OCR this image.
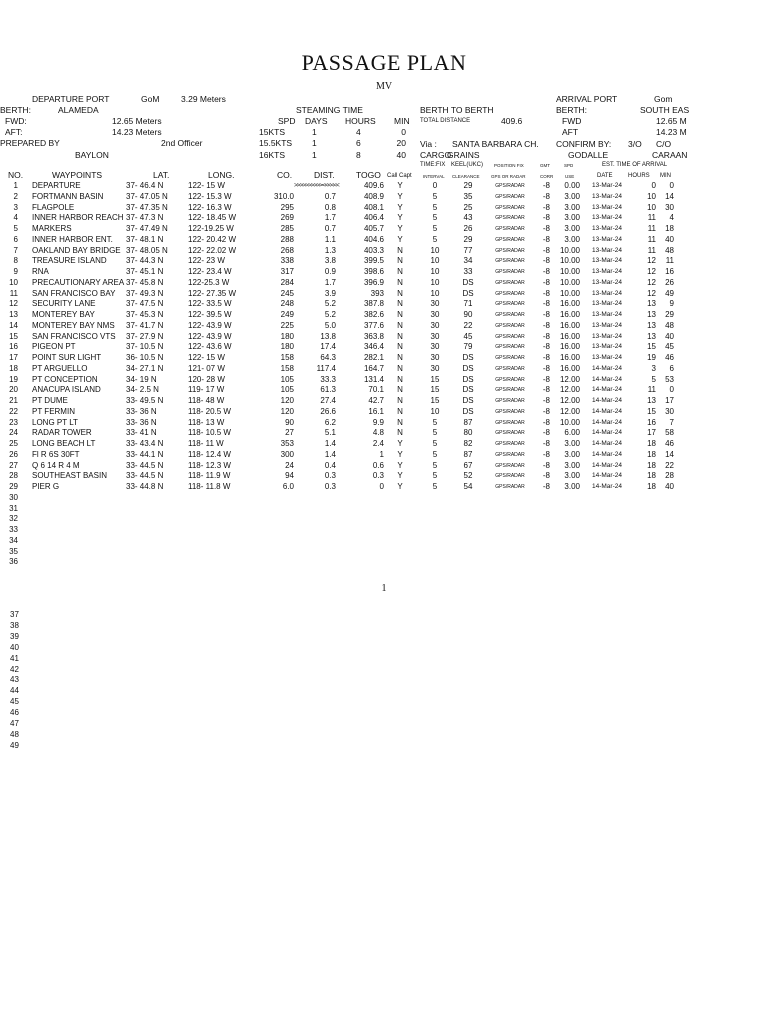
PASSAGE PLAN
MV
DEPARTURE PORT	GoM	3.29 Meters
BERTH:	ALAMEDA
FWD:	12.65 Meters
AFT:	14.23 Meters
PREPARED BY	2nd Officer
BAYLON
STEAMING TIME
SPD DAYS HOURS MIN
15KTS	1	4	0
15.5KTS	1	6	20
16KTS	1	8	40
BERTH TO BERTH
TOTAL DISTANCE	409.6
Via : SANTA BARBARA CH.
CARGO
GRAINS
ARRIVAL PORT	Gom
BERTH:	SOUTH EAS
FWD	12.65 M
AFT	14.23 M
CONFIRM BY: 3/O C/O
GODALLE	CARAAN
TIME:FIX KEEL(UKC) POSITION FIX	GMT	EST. TIME OF ARRIVAL
SPD
NO.	WAYPOINTS	LAT.	LONG.	CO.	DIST. TOGO Call Capt	INTERVAL CLEARANCE	GPS OR RADAR	CORR	USE	DATE	HOURS MIN
1 DEPARTURE	37- 46.4 N	122- 15 W	>>>>>>>>>><<<<<<	409.6	Y	0	29	GPS/RADAR	-8	0.00	13-Mar-24	0	0
2 FORTMANN BASIN	37- 47.05 N	122- 15.3 W	310.0	0.7	408.9	Y	5	35	GPS/RADAR	-8	3.00	13-Mar-24	10	14
3 FLAGPOLE	37- 47.35 N	122- 16.3 W	295	0.8	408.1	Y	5	25	GPS/RADAR	-8	3.00	13-Mar-24	10	30
4 INNER HARBOR REACH 37- 47.3 N	122- 18.45 W	269	1.7	406.4	Y	5	43	GPS/RADAR	-8	3.00	13-Mar-24	11	4
5 MARKERS	37- 47.49 N	122-19.25 W	285	0.7	405.7	Y	5	26	GPS/RADAR	-8	3.00	13-Mar-24	11	18
6 INNER HARBOR ENT.	37- 48.1 N	122- 20.42 W	288	1.1	404.6	Y	5	29	GPS/RADAR	-8	3.00	13-Mar-24	11	40
7 OAKLAND BAY BRIDGE 37- 48.05 N	122- 22.02 W	268	1.3	403.3	N	10	77	GPS/RADAR	-8 10.00	13-Mar-24	11	48
8 TREASURE ISLAND	37- 44.3 N	122- 23 W	338	3.8	399.5	N	10	34	GPS/RADAR	-8 10.00	13-Mar-24	12	11
9 RNA	37- 45.1 N	122- 23.4 W	317	0.9	398.6	N	10	33	GPS/RADAR	-8 10.00	13-Mar-24	12	16
10 PRECAUTIONARY AREA 37- 45.8 N	122-25.3 W	284	1.7	396.9	N	10	DS	GPS/RADAR	-8 10.00	13-Mar-24	12	26
11 SAN FRANCISCO BAY	37- 49.3 N	122- 27.35 W	245	3.9	393	N	10	DS	GPS/RADAR	-8 10.00	13-Mar-24	12	49
12 SECURITY LANE	37- 47.5 N	122- 33.5 W	248	5.2	387.8	N	30	71	GPS/RADAR	-8 16.00	13-Mar-24	13	9
13 MONTEREY BAY	37- 45.3 N	122- 39.5 W	249	5.2	382.6	N	30	90	GPS/RADAR	-8 16.00	13-Mar-24	13	29
14 MONTEREY BAY NMS	37- 41.7 N	122- 43.9 W	225	5.0	377.6	N	30	22	GPS/RADAR	-8 16.00	13-Mar-24	13	48
15 SAN FRANCISCO VTS	37- 27.9 N	122- 43.9 W	180	13.8	363.8	N	30	45	GPS/RADAR	-8 16.00	13-Mar-24	13	40
16 PIGEON PT	37- 10.5 N	122- 43.6 W	180	17.4	346.4	N	30	79	GPS/RADAR	-8 16.00	13-Mar-24	15	45
17 POINT SUR LIGHT	36- 10.5 N	122- 15 W	158	64.3	282.1	N	30	DS	GPS/RADAR	-8 16.00	13-Mar-24	19	46
18 PT ARGUELLO	34- 27.1 N	121- 07 W	158	117.4	164.7	N	30	DS	GPS/RADAR	-8 16.00	14-Mar-24	3	6
19 PT CONCEPTION	34- 19 N	120- 28 W	105	33.3	131.4	N	15	DS	GPS/RADAR	-8 12.00	14-Mar-24	5	53
20 ANACUPA ISLAND	34- 2.5 N	119- 17 W	105	61.3	70.1	N	15	DS	GPS/RADAR	-8 12.00	14-Mar-24	11	0
21 PT DUME	33- 49.5 N	118- 48 W	120	27.4	42.7	N	15	DS	GPS/RADAR	-8 12.00	14-Mar-24	13	17
22 PT FERMIN	33- 36 N	118- 20.5 W	120	26.6	16.1	N	10	DS	GPS/RADAR	-8 12.00	14-Mar-24	15	30
23 LONG PT LT	33- 36 N	118- 13 W	90	6.2	9.9	N	5	87	GPS/RADAR	-8 10.00	14-Mar-24	16	7
24 RADAR TOWER	33- 41 N	118- 10.5 W	27	5.1	4.8	N	5	80	GPS/RADAR	-8	6.00	14-Mar-24	17	58
25 LONG BEACH LT	33- 43.4 N	118- 11 W	353	1.4	2.4	Y	5	82	GPS/RADAR	-8	3.00	14-Mar-24	18	46
26 Fl R 6S 30FT	33- 44.1 N	118- 12.4 W	300	1.4	1	Y	5	87	GPS/RADAR	-8	3.00	14-Mar-24	18	14
27 Q 6 14 R 4 M	33- 44.5 N	118- 12.3 W	24	0.4	0.6	Y	5	67	GPS/RADAR	-8	3.00	14-Mar-24	18	22
28 SOUTHEAST BASIN	33- 44.5 N	118- 11.9 W	94	0.3	0.3	Y	5	52	GPS/RADAR	-8	3.00	14-Mar-24	18	28
29 PIER G	33- 44.8 N	118- 11.8 W	6.0	0.3	0	Y	5	54	GPS/RADAR	-8	3.00	14-Mar-24	18	40
30
31
32
33
34
35
36
1
37
38
39
40
41
42
43
44
45
46
47
48
49
